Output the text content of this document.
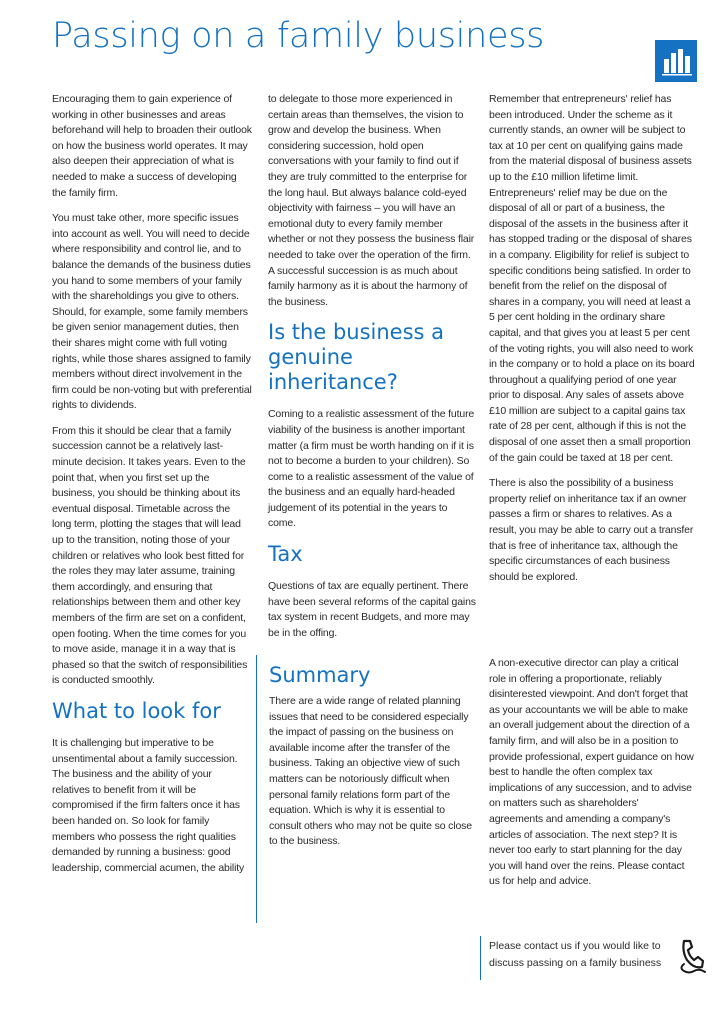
Passing on a family business

Encouraging them to gain experience of working in other businesses and areas beforehand will help to broaden their outlook on how the business world operates. It may also deepen their appreciation of what is needed to make a success of developing the family firm.

You must take other, more specific issues into account as well. You will need to decide where responsibility and control lie, and to balance the demands of the business duties you hand to some members of your family with the shareholdings you give to others. Should, for example, some family members be given senior management duties, then their shares might come with full voting rights, while those shares assigned to family members without direct involvement in the firm could be non-voting but with preferential rights to dividends.

From this it should be clear that a family succession cannot be a relatively last-minute decision. It takes years. Even to the point that, when you first set up the business, you should be thinking about its eventual disposal. Timetable across the long term, plotting the stages that will lead up to the transition, noting those of your children or relatives who look best fitted for the roles they may later assume, training them accordingly, and ensuring that relationships between them and other key members of the firm are set on a confident, open footing. When the time comes for you to move aside, manage it in a way that is phased so that the switch of responsibilities is conducted smoothly.

What to look for

It is challenging but imperative to be unsentimental about a family succession. The business and the ability of your relatives to benefit from it will be compromised if the firm falters once it has been handed on. So look for family members who possess the right qualities demanded by running a business: good leadership, commercial acumen, the ability

to delegate to those more experienced in certain areas than themselves, the vision to grow and develop the business. When considering succession, hold open conversations with your family to find out if they are truly committed to the enterprise for the long haul. But always balance cold-eyed objectivity with fairness – you will have an emotional duty to every family member whether or not they possess the business flair needed to take over the operation of the firm. A successful succession is as much about family harmony as it is about the harmony of the business.

Is the business a genuine inheritance?

Coming to a realistic assessment of the future viability of the business is another important matter (a firm must be worth handing on if it is not to become a burden to your children). So come to a realistic assessment of the value of the business and an equally hard-headed judgement of its potential in the years to come.

Tax

Questions of tax are equally pertinent. There have been several reforms of the capital gains tax system in recent Budgets, and more may be in the offing.

Remember that entrepreneurs' relief has been introduced. Under the scheme as it currently stands, an owner will be subject to tax at 10 per cent on qualifying gains made from the material disposal of business assets up to the £10 million lifetime limit. Entrepreneurs' relief may be due on the disposal of all or part of a business, the disposal of the assets in the business after it has stopped trading or the disposal of shares in a company. Eligibility for relief is subject to specific conditions being satisfied. In order to benefit from the relief on the disposal of shares in a company, you will need at least a 5 per cent holding in the ordinary share capital, and that gives you at least 5 per cent of the voting rights, you will also need to work in the company or to hold a place on its board throughout a qualifying period of one year prior to disposal. Any sales of assets above £10 million are subject to a capital gains tax rate of 28 per cent, although if this is not the disposal of one asset then a small proportion of the gain could be taxed at 18 per cent.

There is also the possibility of a business property relief on inheritance tax if an owner passes a firm or shares to relatives. As a result, you may be able to carry out a transfer that is free of inheritance tax, although the specific circumstances of each business should be explored.

Summary

There are a wide range of related planning issues that need to be considered especially the impact of passing on the business on available income after the transfer of the business. Taking an objective view of such matters can be notoriously difficult when personal family relations form part of the equation. Which is why it is essential to consult others who may not be quite so close to the business.

A non-executive director can play a critical role in offering a proportionate, reliably disinterested viewpoint. And don't forget that as your accountants we will be able to make an overall judgement about the direction of a family firm, and will also be in a position to provide professional, expert guidance on how best to handle the often complex tax implications of any succession, and to advise on matters such as shareholders' agreements and amending a company's articles of association. The next step? It is never too early to start planning for the day you will hand over the reins. Please contact us for help and advice.

Please contact us if you would like to discuss passing on a family business
